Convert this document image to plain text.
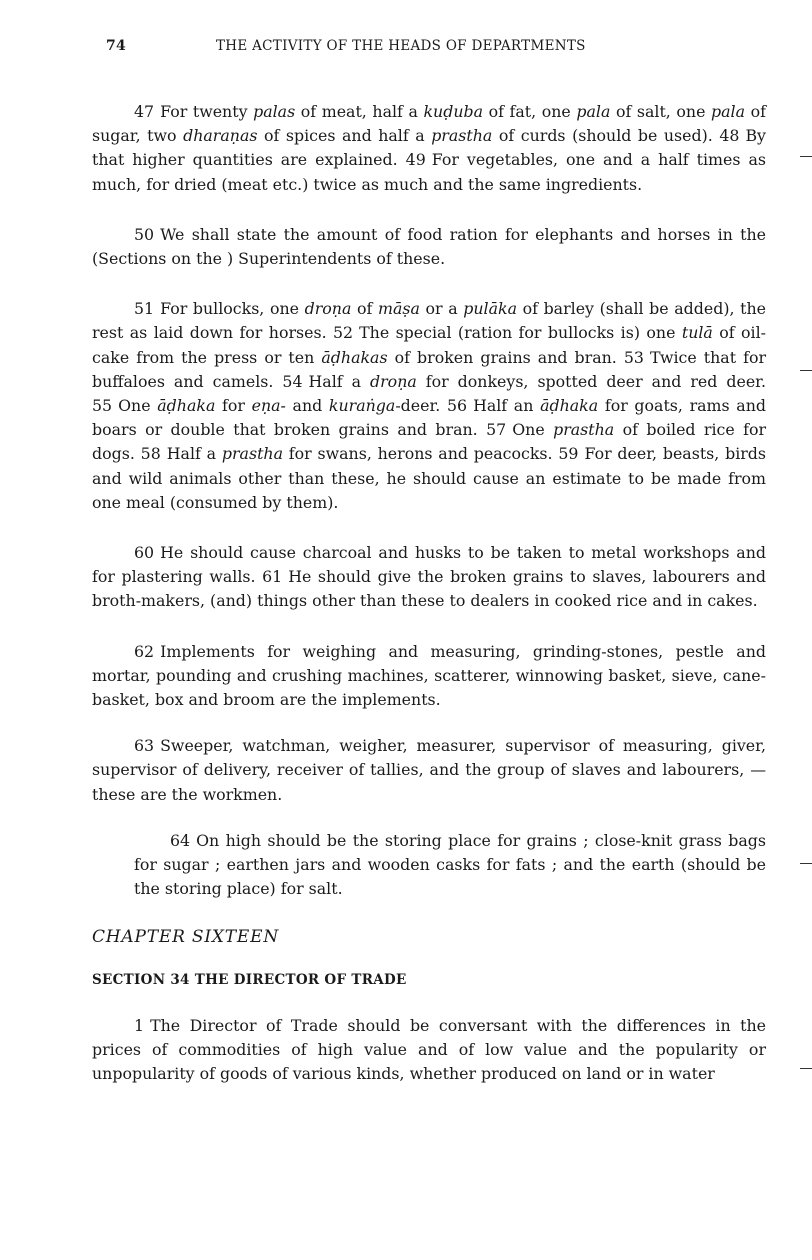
74	THE ACTIVITY OF THE HEADS OF DEPARTMENTS

47 For twenty palas of meat, half a kuḍuba of fat, one pala of salt, one pala of sugar, two dharaṇas of spices and half a prastha of curds (should be used). 48 By that higher quantities are explained. 49 For vegetables, one and a half times as much, for dried (meat etc.) twice as much and the same ingredients.

50 We shall state the amount of food ration for elephants and horses in the (Sections on the ) Superintendents of these.

51 For bullocks, one droṇa of māṣa or a pulāka of barley (shall be added), the rest as laid down for horses. 52 The special (ration for bullocks is) one tulā of oil-cake from the press or ten āḍhakas of broken grains and bran. 53 Twice that for buffaloes and camels. 54 Half a droṇa for donkeys, spotted deer and red deer. 55 One āḍhaka for eṇa- and kuraṅga-deer. 56 Half an āḍhaka for goats, rams and boars or double that broken grains and bran. 57 One prastha of boiled rice for dogs. 58 Half a prastha for swans, herons and peacocks. 59 For deer, beasts, birds and wild animals other than these, he should cause an estimate to be made from one meal (consumed by them).

60 He should cause charcoal and husks to be taken to metal workshops and for plastering walls. 61 He should give the broken grains to slaves, labourers and broth-makers, (and) things other than these to dealers in cooked rice and in cakes.

62 Implements for weighing and measuring, grinding-stones, pestle and mortar, pounding and crushing machines, scatterer, winnowing basket, sieve, cane-basket, box and broom are the implements.

63 Sweeper, watchman, weigher, measurer, supervisor of measuring, giver, supervisor of delivery, receiver of tallies, and the group of slaves and labourers, — these are the workmen.

64 On high should be the storing place for grains ; close-knit grass bags for sugar ; earthen jars and wooden casks for fats ; and the earth (should be the storing place) for salt.

CHAPTER SIXTEEN

SECTION 34 THE DIRECTOR OF TRADE

1 The Director of Trade should be conversant with the differences in the prices of commodities of high value and of low value and the popularity or unpopularity of goods of various kinds, whether produced on land or in water
